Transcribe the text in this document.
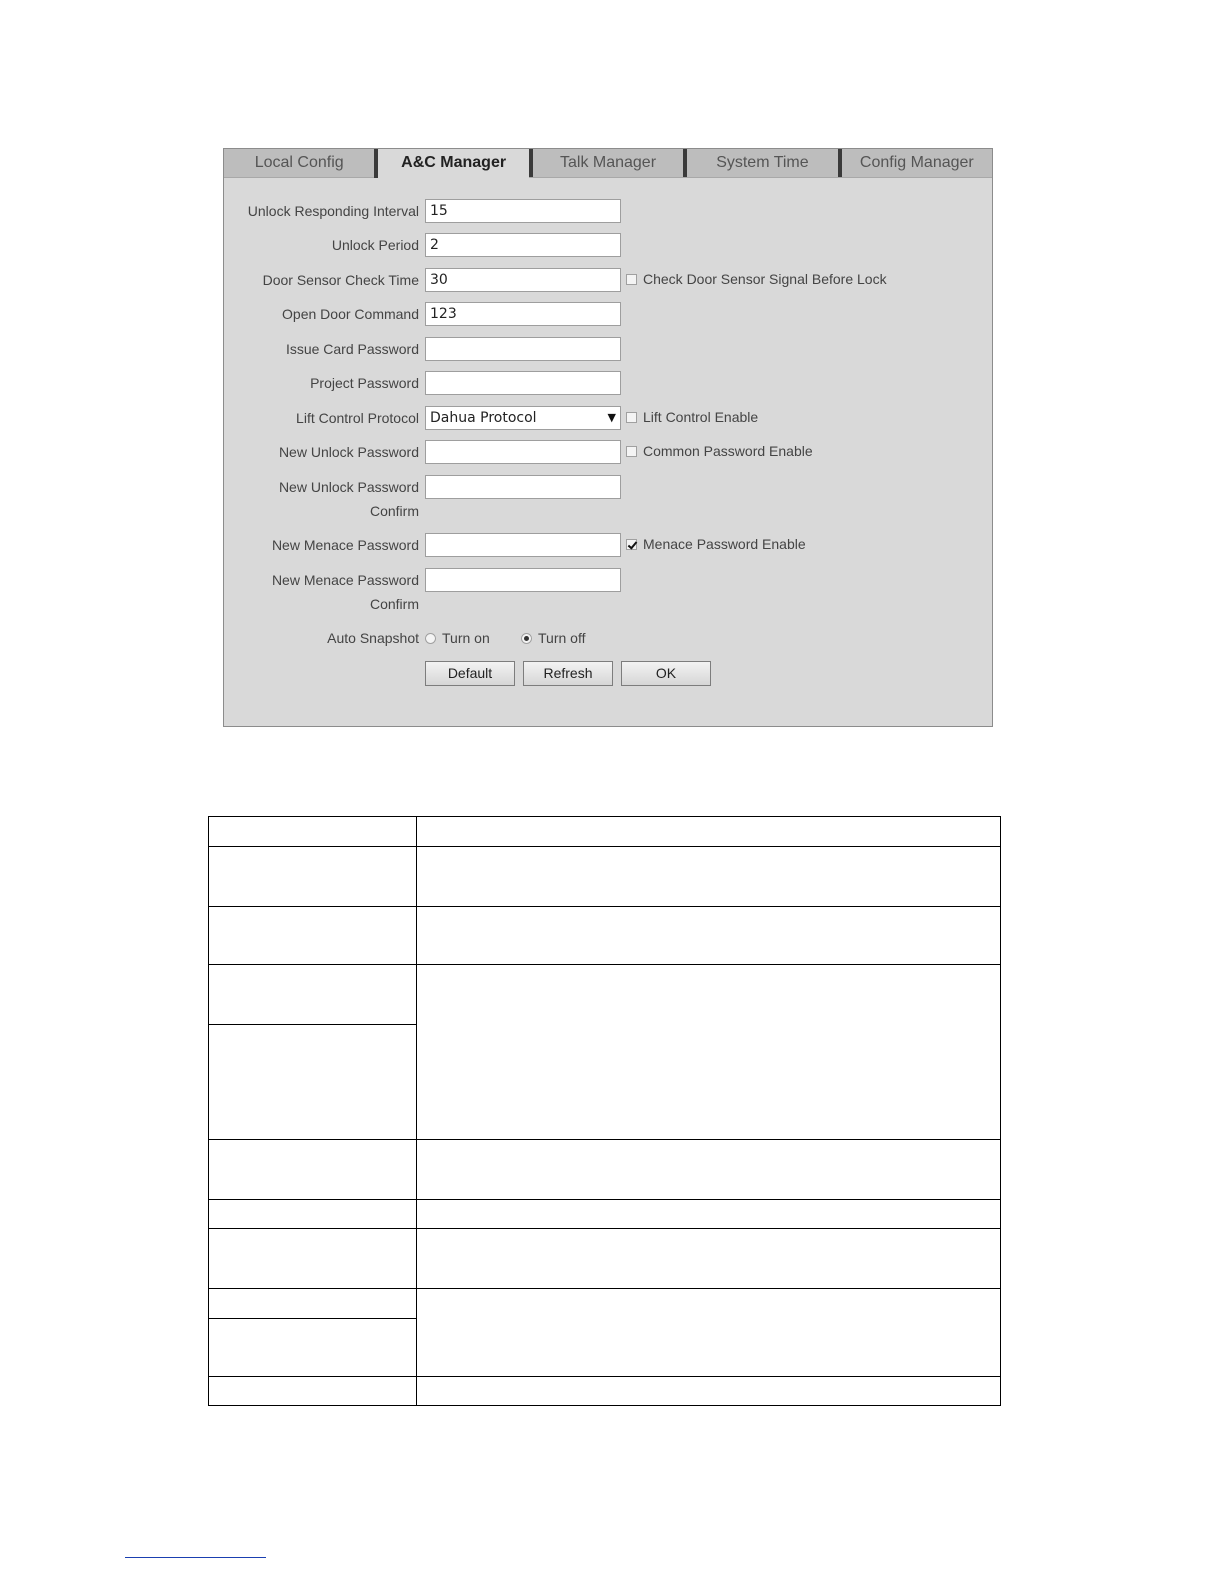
Local Config	A&C Manager	Talk Manager	System Time	Config Manager
Unlock Responding Interval 15
Unlock Period 2
Door Sensor Check Time 30	Check Door Sensor Signal Before Lock
Open Door Command 123
Issue Card Password
Project Password
Lift Control Protocol Dahua Protocol	▼ Lift Control Enable
New Unlock Password	Common Password Enable
New Unlock Password
Confirm
New Menace Password	Menace Password Enable
New Menace Password
Confirm
Auto Snapshot Turn on	Turn off
Default	Refresh	OK
